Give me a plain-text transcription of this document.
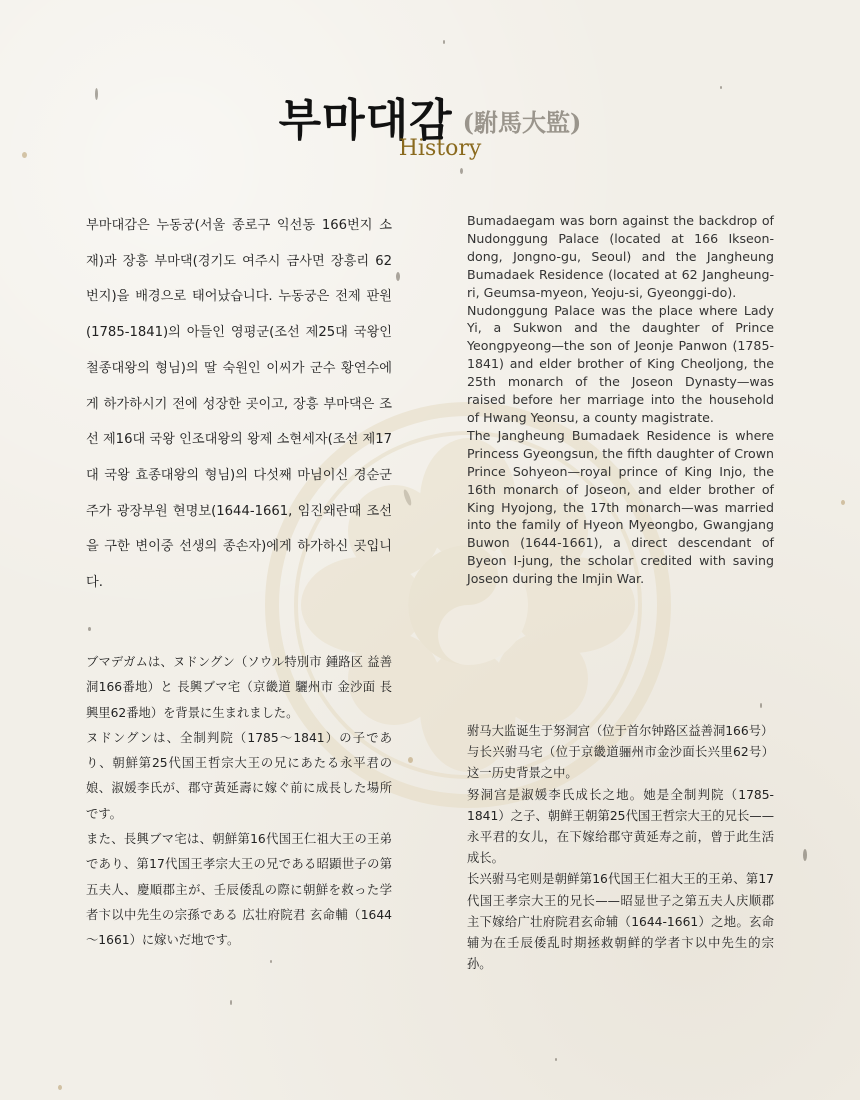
부마대감 (駙馬大監)
History
부마대감은 누동궁(서울 종로구 익선동 166번지 소재)과 장흥 부마댁(경기도 여주시 금사면 장흥리 62번지)을 배경으로 태어났습니다. 누동궁은 전제 판원(1785-1841)의 아들인 영평군(조선 제25대 국왕인 철종대왕의 형님)의 딸 숙원인 이씨가 군수 황연수에게 하가하시기 전에 성장한 곳이고, 장흥 부마댁은 조선 제16대 국왕 인조대왕의 왕제 소현세자(조선 제17대 국왕 효종대왕의 형님)의 다섯째 마님이신 경순군주가 광장부원 현명보(1644-1661, 임진왜란때 조선을 구한 변이중 선생의 종손자)에게 하가하신 곳입니다.

Bumadaegam was born against the backdrop of Nudonggung Palace (located at 166 Ikseon-dong, Jongno-gu, Seoul) and the Jangheung Bumadaek Residence (located at 62 Jangheung-ri, Geumsa-myeon, Yeoju-si, Gyeonggi-do).

Nudonggung Palace was the place where Lady Yi, a Sukwon and the daughter of Prince Yeongpyeong—the son of Jeonje Panwon (1785-1841) and elder brother of King Cheoljong, the 25th monarch of the Joseon Dynasty—was raised before her marriage into the household of Hwang Yeonsu, a county magistrate.

The Jangheung Bumadaek Residence is where Princess Gyeongsun, the fifth daughter of Crown Prince Sohyeon—royal prince of King Injo, the 16th monarch of Joseon, and elder brother of King Hyojong, the 17th monarch—was married into the family of Hyeon Myeongbo, Gwangjang Buwon (1644-1661), a direct descendant of Byeon I-jung, the scholar credited with saving Joseon during the Imjin War.

ブマデガムは、ヌドングン（ソウル特別市 鍾路区 益善洞166番地）と 長興ブマ宅（京畿道 驪州市 金沙面 長興里62番地）を背景に生まれました。

ヌドングンは、全制判院（1785～1841）の子であり、朝鮮第25代国王哲宗大王の兄にあたる永平君の娘、淑媛李氏が、郡守黃延壽に嫁ぐ前に成長した場所です。

また、長興ブマ宅は、朝鮮第16代国王仁祖大王の王弟であり、第17代国王孝宗大王の兄である昭顕世子の第五夫人、慶順郡主が、壬辰倭乱の際に朝鮮を救った学者卞以中先生の宗孫である 広壮府院君 玄命輔（1644～1661）に嫁いだ地です。

驸马大监诞生于努洞宫（位于首尔钟路区益善洞166号）

与长兴驸马宅（位于京畿道骊州市金沙面长兴里62号）这一历史背景之中。

努洞宫是淑媛李氏成长之地。她是全制判院（1785-1841）之子、朝鲜王朝第25代国王哲宗大王的兄长——永平君的女儿，在下嫁给郡守黄延寿之前，曾于此生活成长。

长兴驸马宅则是朝鲜第16代国王仁祖大王的王弟、第17代国王孝宗大王的兄长——昭显世子之第五夫人庆顺郡主下嫁给广壮府院君玄命辅（1644-1661）之地。玄命辅为在壬辰倭乱时期拯救朝鲜的学者卞以中先生的宗孙。
